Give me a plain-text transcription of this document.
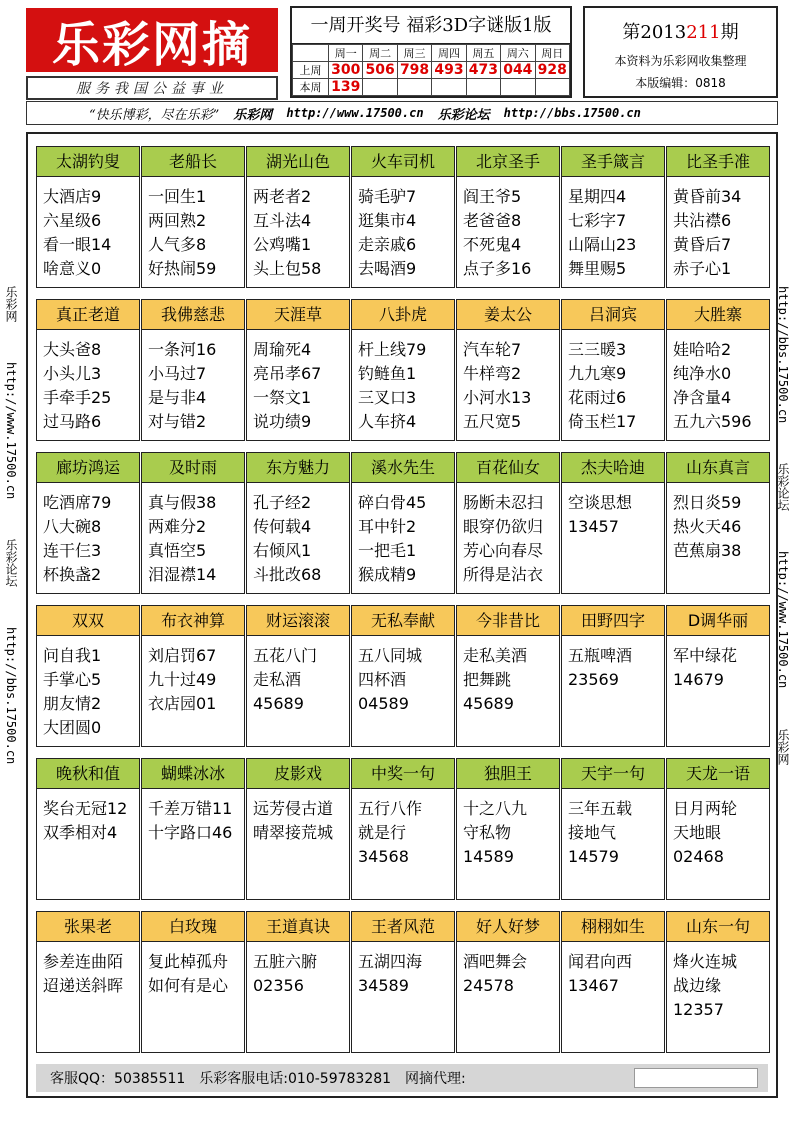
乐彩网摘
服务我国公益事业
一周开奖号 福彩3D字谜版1版
	周一	周二	周三	周四	周五	周六	周日
上周	300	506	798	493	473	044	928
本周	139						
第2013211期
本资料为乐彩网收集整理
本版编辑：0818
“快乐博彩，尽在乐彩” 乐彩网 http://www.17500.cn 乐彩论坛 http://bbs.17500.cn

乐彩网

http://www.17500.cn

乐彩论坛

http://bbs.17500.cn

http://bbs.17500.cn

乐彩论坛

http://www.17500.cn

乐彩网

太湖钓叟
大酒店9
六星级6
看一眼14
啥意义0
老船长
一回生1
两回熟2
人气多8
好热闹59
湖光山色
两老者2
互斗法4
公鸡嘴1
头上包58
火车司机
骑毛驴7
逛集市4
走亲戚6
去喝酒9
北京圣手
阎王爷5
老爸爸8
不死鬼4
点子多16
圣手箴言
星期四4
七彩字7
山隔山23
舞里赐5
比圣手准
黄昏前34
共沾襟6
黄昏后7
赤子心1
真正老道
大头爸8
小头儿3
手牵手25
过马路6
我佛慈悲
一条河16
小马过7
是与非4
对与错2
天涯草
周瑜死4
亮吊孝67
一祭文1
说功绩9
八卦虎
杆上线79
钓鲢鱼1
三叉口3
人车挤4
姜太公
汽车轮7
牛样弯2
小河水13
五尺宽5
吕洞宾
三三暖3
九九寒9
花雨过6
倚玉栏17
大胜寨
娃哈哈2
纯净水0
净含量4
五九六596
廊坊鸿运
吃酒席79
八大碗8
连干仨3
杯换盏2
及时雨
真与假38
两难分2
真悟空5
泪湿襟14
东方魅力
孔子经2
传何载4
右倾风1
斗批改68
溪水先生
碎白骨45
耳中针2
一把毛1
猴成精9
百花仙女
肠断未忍扫
眼穿仍欲归
芳心向春尽
所得是沾衣
杰夫哈迪
空谈思想
13457
山东真言
烈日炎59
热火天46
芭蕉扇38
双双
问自我1
手掌心5
朋友情2
大团圆0
布衣神算
刘启罚67
九十过49
衣店园01
财运滚滚
五花八门
走私酒
45689
无私奉献
五八同城
四杯酒
04589
今非昔比
走私美酒
把舞跳
45689
田野四字
五瓶啤酒
23569
D调华丽
军中绿花
14679
晚秋和值
奖台无冠12
双季相对4
蝴蝶冰冰
千差万错11
十字路口46
皮影戏
远芳侵古道
晴翠接荒城
中奖一句
五行八作
就是行
34568
独胆王
十之八九
守私物
14589
天宇一句
三年五载
接地气
14579
天龙一语
日月两轮
天地眼
02468
张果老
参差连曲陌
迢递送斜晖
白玫瑰
复此棹孤舟
如何有是心
王道真诀
五脏六腑
02356
王者风范
五湖四海
34589
好人好梦
酒吧舞会
24578
栩栩如生
闻君向西
13467
山东一句
烽火连城
战边缘
12357
客服QQ：50385511 乐彩客服电话:010-59783281 网摘代理:
